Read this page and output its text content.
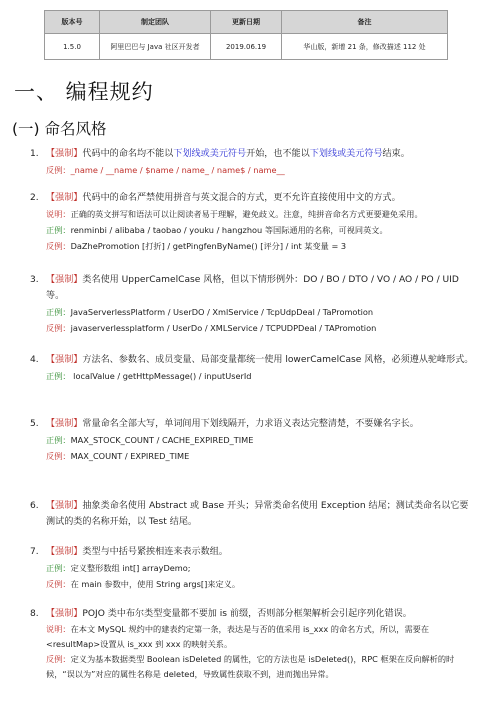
版本号	制定团队	更新日期	备注
1.5.0	阿里巴巴与 Java 社区开发者	2019.06.19	华山版，新增 21 条，修改描述 112 处
一、 编程规约
(一) 命名风格
1. 【强制】代码中的命名均不能以下划线或美元符号开始，也不能以下划线或美元符号结束。
反例：_name / __name / $name / name_ / name$ / name__
2. 【强制】代码中的命名严禁使用拼音与英文混合的方式，更不允许直接使用中文的方式。
说明：正确的英文拼写和语法可以让阅读者易于理解，避免歧义。注意，纯拼音命名方式更要避免采用。
正例：renminbi / alibaba / taobao / youku / hangzhou 等国际通用的名称，可视同英文。
反例：DaZhePromotion [打折] / getPingfenByName() [评分] / int 某变量 = 3
3. 【强制】类名使用 UpperCamelCase 风格，但以下情形例外：DO / BO / DTO / VO / AO / PO / UID 等。
正例：JavaServerlessPlatform / UserDO / XmlService / TcpUdpDeal / TaPromotion
反例：javaserverlessplatform / UserDo / XMLService / TCPUDPDeal / TAPromotion
4. 【强制】方法名、参数名、成员变量、局部变量都统一使用 lowerCamelCase 风格，必须遵从驼峰形式。
正例： localValue / getHttpMessage() / inputUserId
5. 【强制】常量命名全部大写，单词间用下划线隔开，力求语义表达完整清楚，不要嫌名字长。
正例：MAX_STOCK_COUNT / CACHE_EXPIRED_TIME
反例：MAX_COUNT / EXPIRED_TIME
6. 【强制】抽象类命名使用 Abstract 或 Base 开头；异常类命名使用 Exception 结尾；测试类命名以它要测试的类的名称开始，以 Test 结尾。
7. 【强制】类型与中括号紧挨相连来表示数组。
正例：定义整形数组 int[] arrayDemo;
反例：在 main 参数中，使用 String args[]来定义。
8. 【强制】POJO 类中布尔类型变量都不要加 is 前缀，否则部分框架解析会引起序列化错误。
说明：在本文 MySQL 规约中的建表约定第一条，表达是与否的值采用 is_xxx 的命名方式，所以，需要在<resultMap>设置从 is_xxx 到 xxx 的映射关系。
反例：定义为基本数据类型 Boolean isDeleted 的属性，它的方法也是 isDeleted()，RPC 框架在反向解析的时候，“误以为”对应的属性名称是 deleted，导致属性获取不到，进而抛出异常。
